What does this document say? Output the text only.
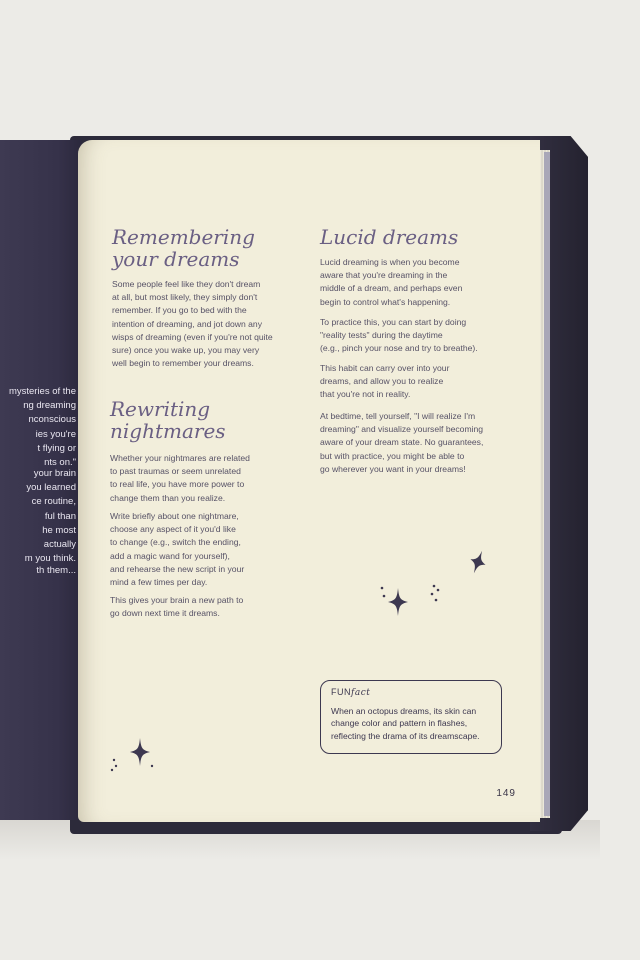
mysteries of the
ng dreaming
nconscious
ies you're
t flying or
nts on."
your brain
you learned
ce routine,
ful than
he most
actually
m you think.
th them...
Remembering
your dreams
Some people feel like they don't dream
at all, but most likely, they simply don't
remember. If you go to bed with the
intention of dreaming, and jot down any
wisps of dreaming (even if you're not quite
sure) once you wake up, you may very
well begin to remember your dreams.
Rewriting
nightmares
Whether your nightmares are related
to past traumas or seem unrelated
to real life, you have more power to
change them than you realize.
Write briefly about one nightmare,
choose any aspect of it you'd like
to change (e.g., switch the ending,
add a magic wand for yourself),
and rehearse the new script in your
mind a few times per day.
This gives your brain a new path to
go down next time it dreams.
Lucid dreams
Lucid dreaming is when you become
aware that you're dreaming in the
middle of a dream, and perhaps even
begin to control what's happening.
To practice this, you can start by doing
"reality tests" during the daytime
(e.g., pinch your nose and try to breathe).
This habit can carry over into your
dreams, and allow you to realize
that you're not in reality.
At bedtime, tell yourself, "I will realize I'm
dreaming" and visualize yourself becoming
aware of your dream state. No guarantees,
but with practice, you might be able to
go wherever you want in your dreams!
FUNfact
When an octopus dreams, its skin can
change color and pattern in flashes,
reflecting the drama of its dreamscape.
149
